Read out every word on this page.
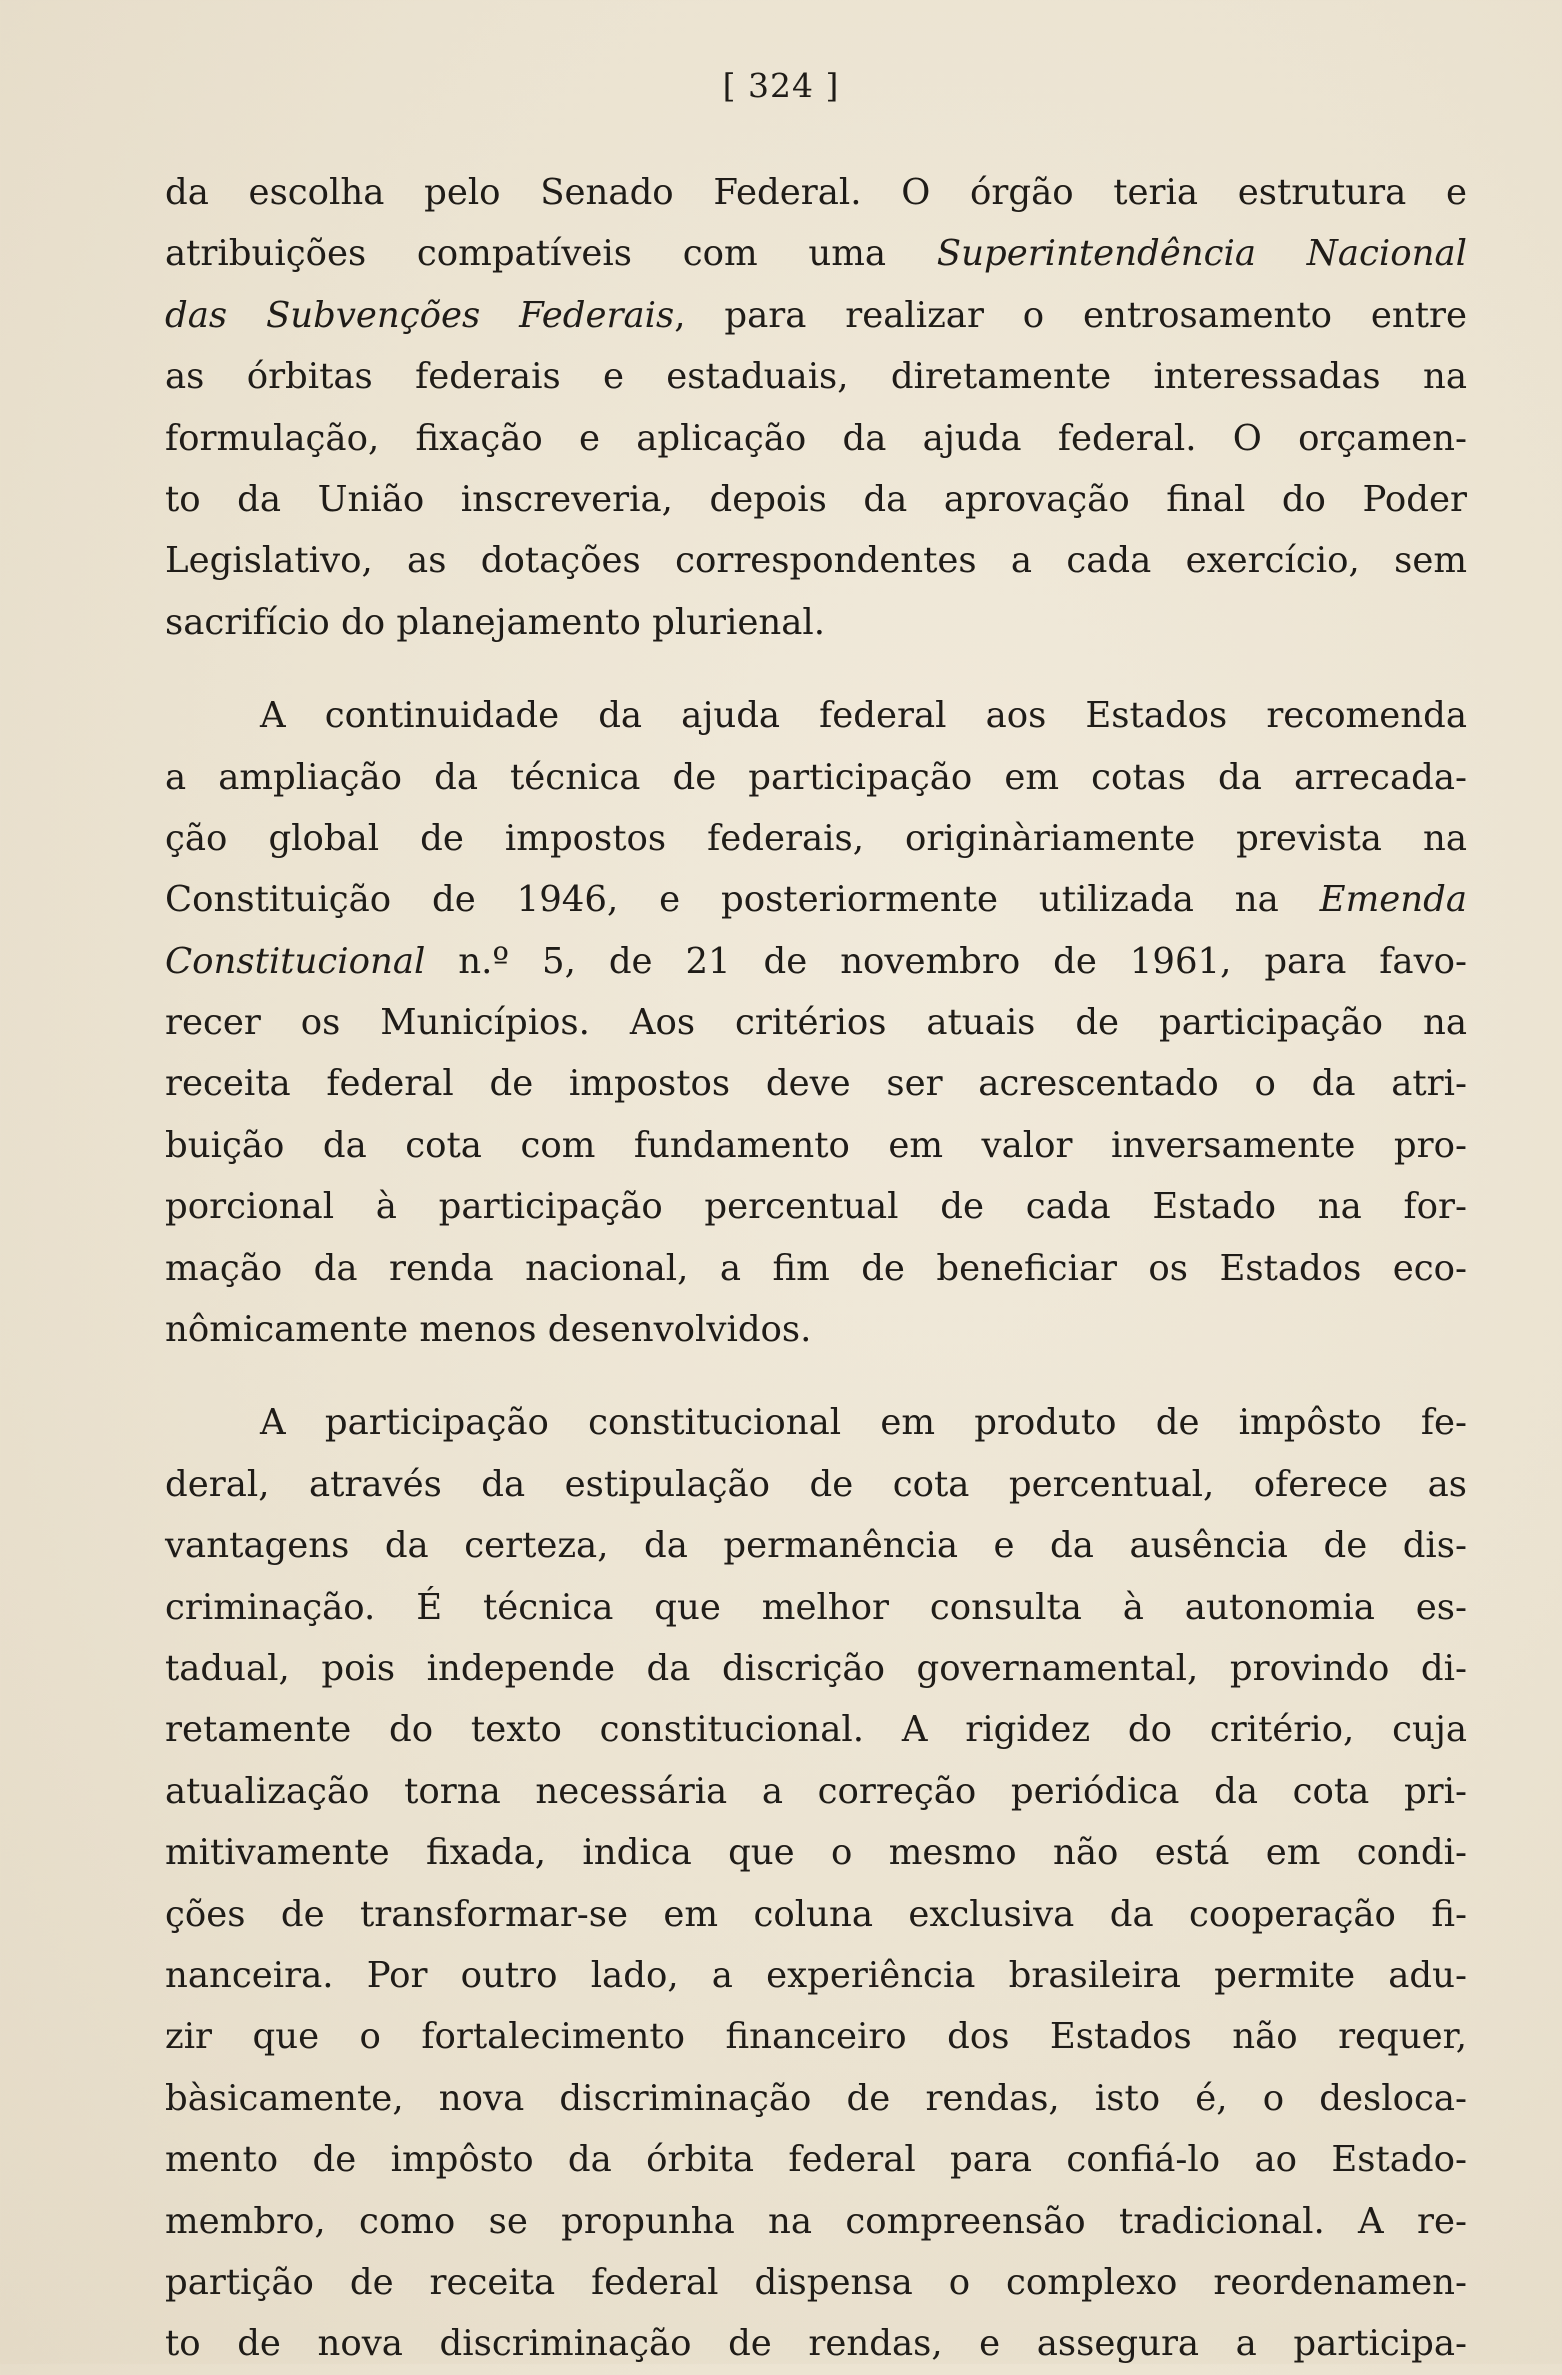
[ 324 ]
da escolha pelo Senado Federal. O órgão teria estrutura e
atribuições compatíveis com uma Superintendência Nacional
das Subvenções Federais, para realizar o entrosamento entre
as órbitas federais e estaduais, diretamente interessadas na
formulação, fixação e aplicação da ajuda federal. O orçamen-
to da União inscreveria, depois da aprovação final do Poder
Legislativo, as dotações correspondentes a cada exercício, sem
sacrifício do planejamento plurienal.
A continuidade da ajuda federal aos Estados recomenda
a ampliação da técnica de participação em cotas da arrecada-
ção global de impostos federais, originàriamente prevista na
Constituição de 1946, e posteriormente utilizada na Emenda
Constitucional n.º 5, de 21 de novembro de 1961, para favo-
recer os Municípios. Aos critérios atuais de participação na
receita federal de impostos deve ser acrescentado o da atri-
buição da cota com fundamento em valor inversamente pro-
porcional à participação percentual de cada Estado na for-
mação da renda nacional, a fim de beneficiar os Estados eco-
nômicamente menos desenvolvidos.
A participação constitucional em produto de impôsto fe-
deral, através da estipulação de cota percentual, oferece as
vantagens da certeza, da permanência e da ausência de dis-
criminação. É técnica que melhor consulta à autonomia es-
tadual, pois independe da discrição governamental, provindo di-
retamente do texto constitucional. A rigidez do critério, cuja
atualização torna necessária a correção periódica da cota pri-
mitivamente fixada, indica que o mesmo não está em condi-
ções de transformar-se em coluna exclusiva da cooperação fi-
nanceira. Por outro lado, a experiência brasileira permite adu-
zir que o fortalecimento financeiro dos Estados não requer,
bàsicamente, nova discriminação de rendas, isto é, o desloca-
mento de impôsto da órbita federal para confiá-lo ao Estado-
membro, como se propunha na compreensão tradicional. A re-
partição de receita federal dispensa o complexo reordenamen-
to de nova discriminação de rendas, e assegura a participa-
